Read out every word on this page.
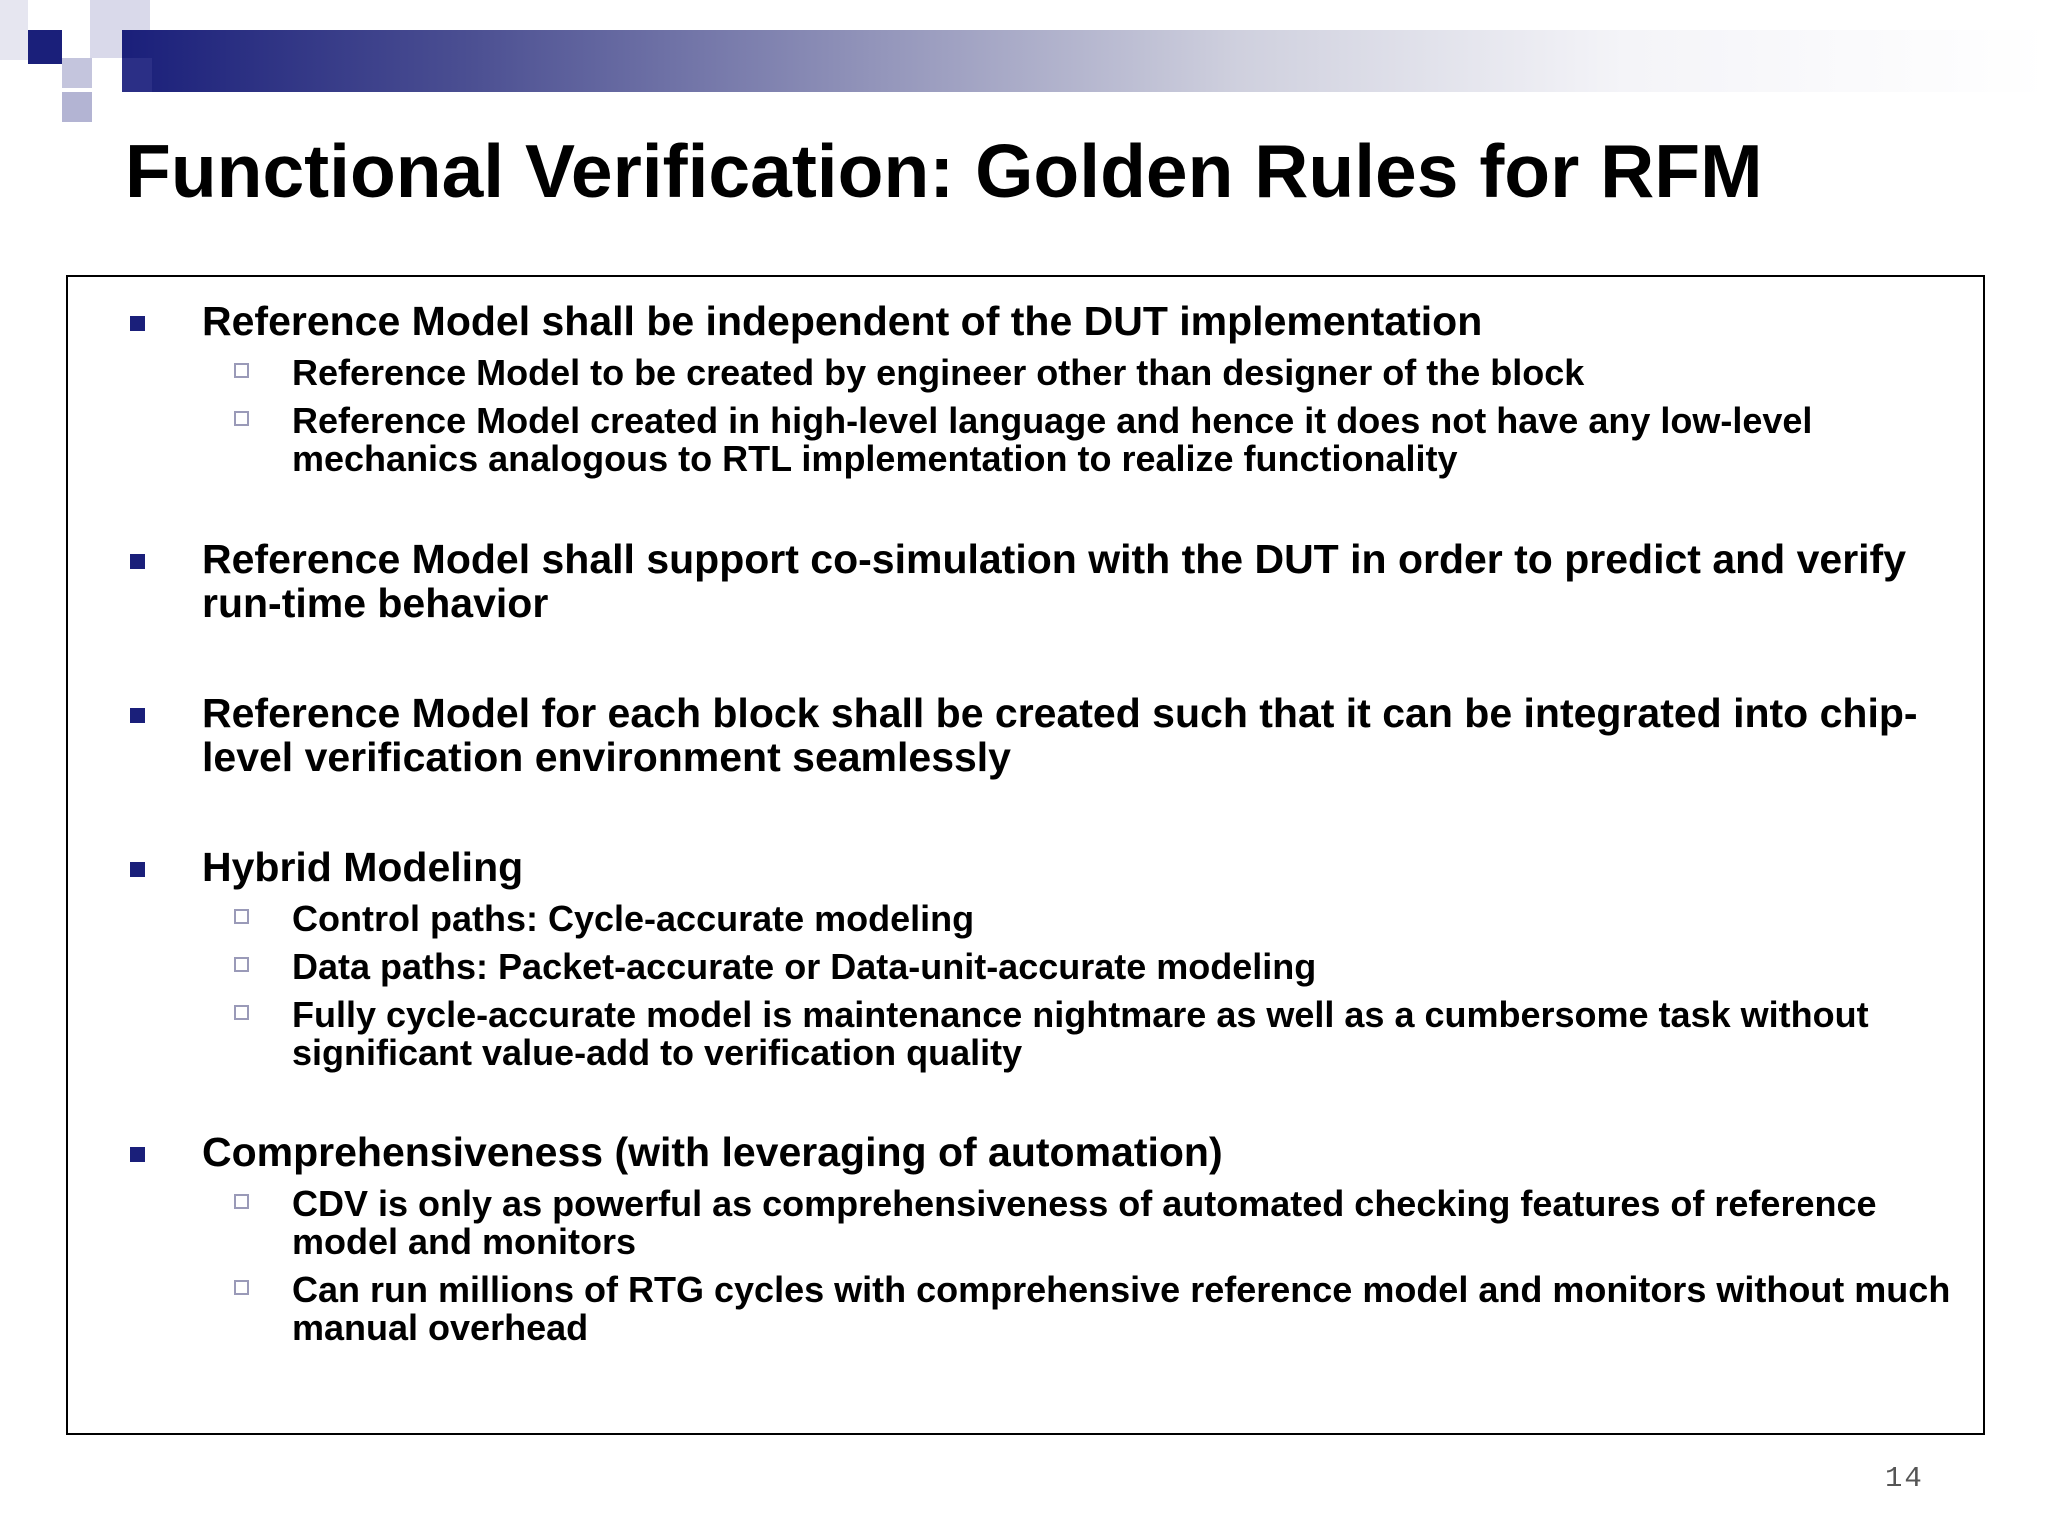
Functional Verification: Golden Rules for RFM
Reference Model shall be independent of the DUT implementation
Reference Model to be created by engineer other than designer of the block
Reference Model created in high-level language and hence it does not have any low-level mechanics analogous to RTL implementation to realize functionality
Reference Model shall support co-simulation with the DUT in order to predict and verify run-time behavior
Reference Model for each block shall be created such that it can be integrated into chip-level verification environment seamlessly
Hybrid Modeling
Control paths: Cycle-accurate modeling
Data paths: Packet-accurate or Data-unit-accurate modeling
Fully cycle-accurate model is maintenance nightmare as well as a cumbersome task without significant value-add to verification quality
Comprehensiveness (with leveraging of automation)
CDV is only as powerful as comprehensiveness of automated checking features of reference model and monitors
Can run millions of RTG cycles with comprehensive reference model and monitors without much manual overhead
14
